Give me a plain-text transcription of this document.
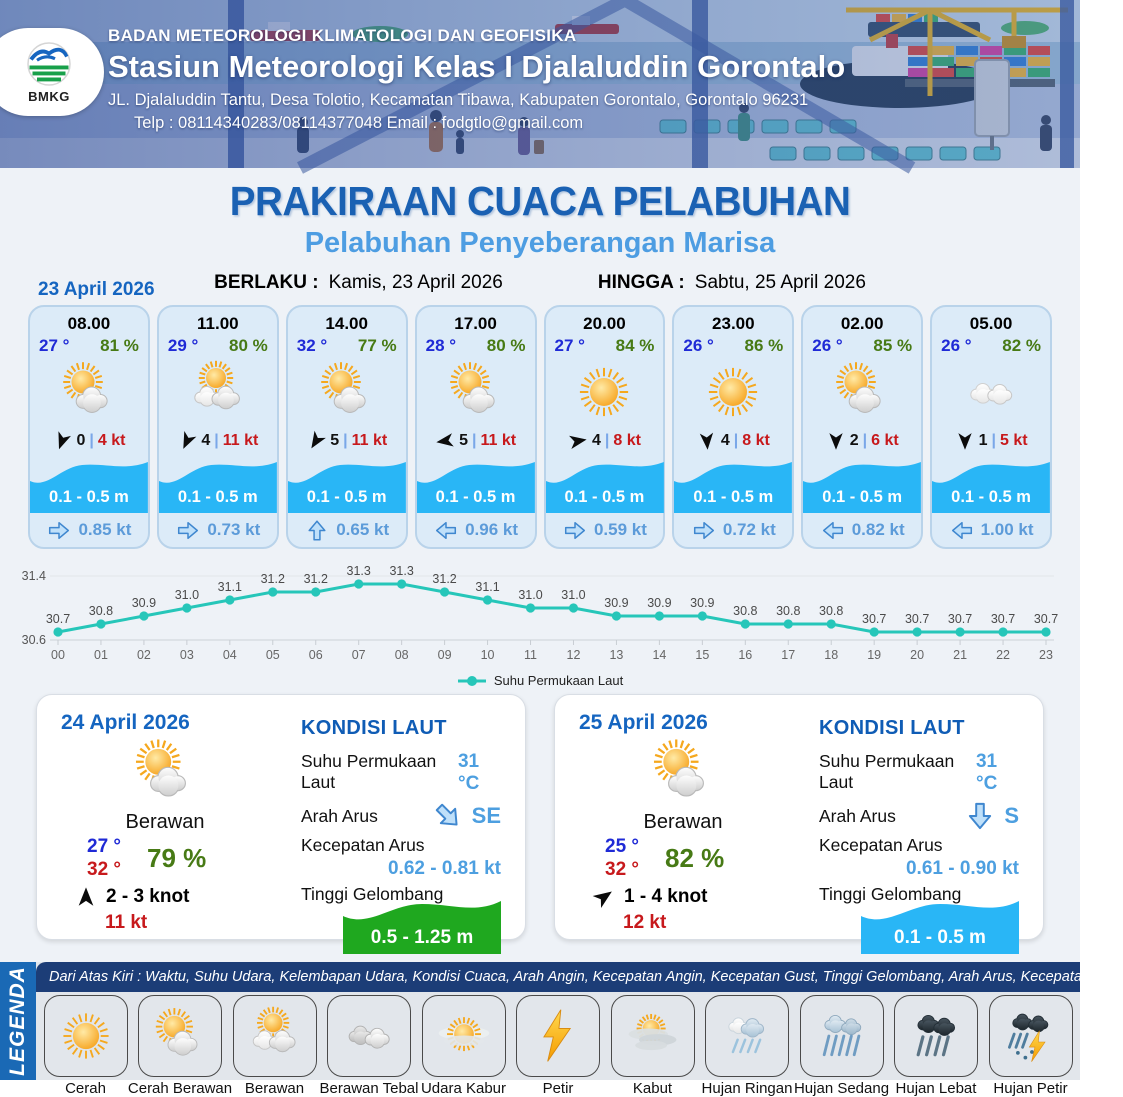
BMKG
BADAN METEOROLOGI KLIMATOLOGI DAN GEOFISIKA
Stasiun Meteorologi Kelas I Djalaluddin Gorontalo
JL. Djalaluddin Tantu, Desa Tolotio, Kecamatan Tibawa, Kabupaten Gorontalo, Gorontalo 96231
Telp : 08114340283/08114377048 Email : fodgtlo@gmail.com
PRAKIRAAN CUACA PELABUHAN
Pelabuhan Penyeberangan Marisa
BERLAKU : Kamis, 23 April 2026	HINGGA : Sabtu, 25 April 2026
23 April 2026
08.00
27 ° 81 %
0 | 4 kt
0.1 - 0.5 m
0.85 kt
11.00
29 ° 80 %
4 | 11 kt
0.1 - 0.5 m
0.73 kt
14.00
32 ° 77 %
5 | 11 kt
0.1 - 0.5 m
0.65 kt
17.00
28 ° 80 %
5 | 11 kt
0.1 - 0.5 m
0.96 kt
20.00
27 ° 84 %
4 | 8 kt
0.1 - 0.5 m
0.59 kt
23.00
26 ° 86 %
4 | 8 kt
0.1 - 0.5 m
0.72 kt
02.00
26 ° 85 %
2 | 6 kt
0.1 - 0.5 m
0.82 kt
05.00
26 ° 82 %
1 | 5 kt
0.1 - 0.5 m
1.00 kt
31.4
30.6
30.7
00
30.8
01
30.9
02
31.0
03
31.1
04
31.2
05
31.2
06
31.3
07
31.3
08
31.2
09
31.1
10
31.0
11
31.0
12
30.9
13
30.9
14
30.9
15
30.8
16
30.8
17
30.8
18
30.7
19
30.7
20
30.7
21
30.7
22
30.7
23
Suhu Permukaan Laut
24 April 2026
Berawan
27 °
32 ° 79 %
2 - 3 knot
11 kt
KONDISI LAUT
Suhu Permukaan Laut
31 °C
Arah Arus	SE
Kecepatan Arus
0.62 - 0.81 kt
Tinggi Gelombang
0.5 - 1.25 m
25 April 2026
Berawan
25 °
32 ° 82 %
1 - 4 knot
12 kt
KONDISI LAUT
Suhu Permukaan Laut
31 °C
Arah Arus	S
Kecepatan Arus
0.61 - 0.90 kt
Tinggi Gelombang
0.1 - 0.5 m
LEGENDA	Dari Atas Kiri : Waktu, Suhu Udara, Kelembapan Udara, Kondisi Cuaca, Arah Angin, Kecepatan Angin, Kecepatan Gust, Tinggi Gelombang, Arah Arus, Kecepatan Arus
Cerah Cerah Berawan Berawan Berawan Tebal Udara Kabur Petir	Kabut Hujan Ringan Hujan Sedang Hujan Lebat Hujan Petir
